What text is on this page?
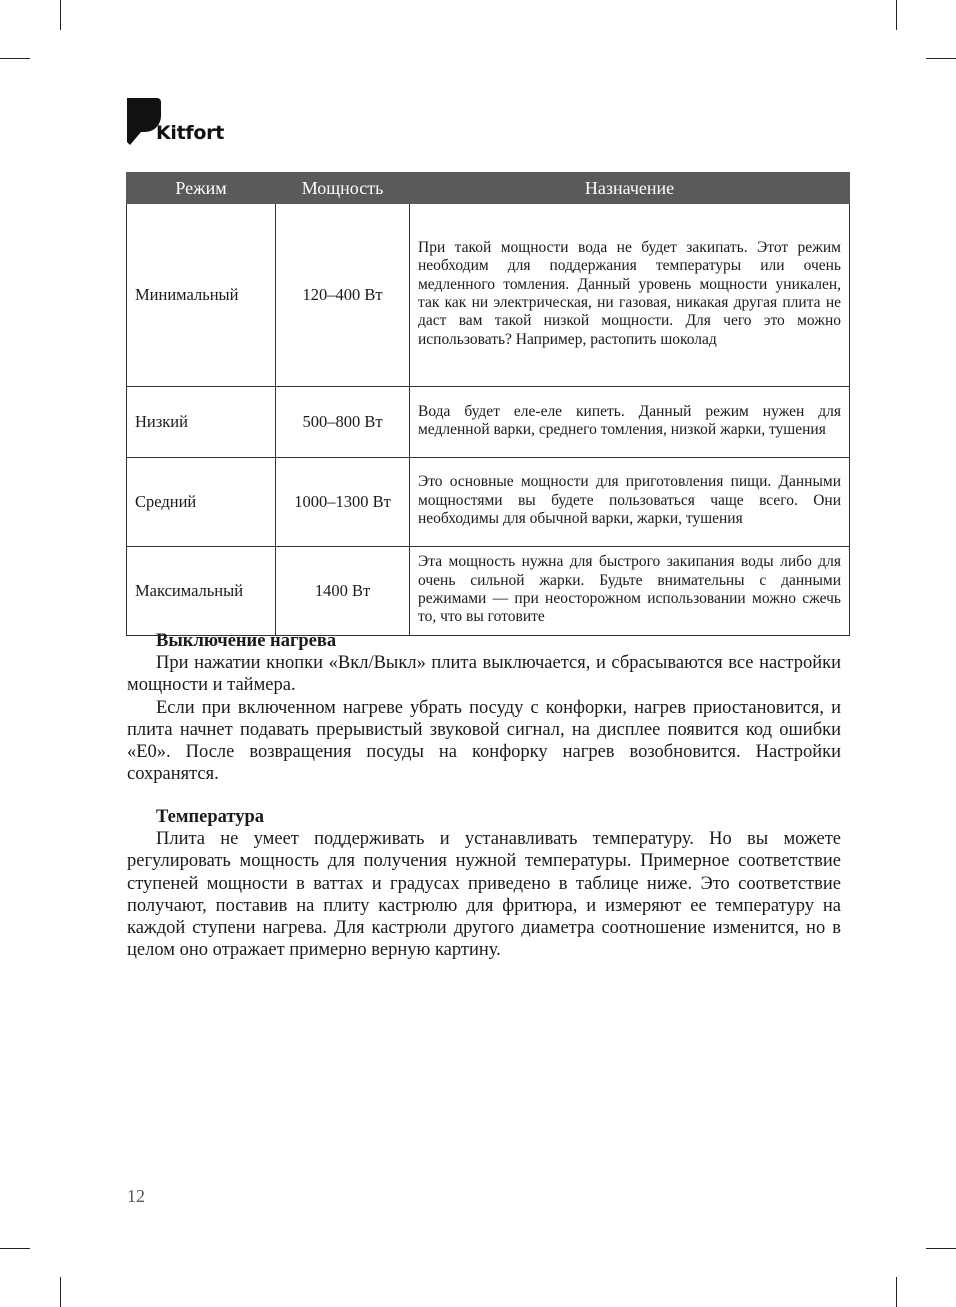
Kitfort
Режим	Мощность	Назначение
Минимальный	120–400 Вт	При такой мощности вода не будет закипать. Этот режим необходим для поддержания температуры или очень медленного томления. Данный уровень мощности уникален, так как ни электрическая, ни газовая, никакая другая плита не даст вам такой низкой мощности. Для чего это можно использовать? Например, растопить шоколад
Низкий	500–800 Вт	Вода будет еле-еле кипеть. Данный режим нужен для медленной варки, среднего томления, низкой жарки, тушения
Средний	1000–1300 Вт	Это основные мощности для приготовления пищи. Данными мощностями вы будете пользоваться чаще всего. Они необходимы для обычной варки, жарки, тушения
Максимальный	1400 Вт	Эта мощность нужна для быстрого закипания воды либо для очень сильной жарки. Будьте внимательны с данными режимами — при неосторожном использовании можно сжечь то, что вы готовите
Выключение нагрева

При нажатии кнопки «Вкл/Выкл» плита выключается, и сбрасываются все настройки мощности и таймера.

Если при включенном нагреве убрать посуду с конфорки, нагрев приостановится, и плита начнет подавать прерывистый звуковой сигнал, на дисплее появится код ошибки «E0». После возвращения посуды на конфорку нагрев возобновится. Настройки сохранятся.

Температура

Плита не умеет поддерживать и устанавливать температуру. Но вы можете регулировать мощность для получения нужной температуры. Примерное соответствие ступеней мощности в ваттах и градусах приведено в таблице ниже. Это соответствие получают, поставив на плиту кастрюлю для фритюра, и измеряют ее температуру на каждой ступени нагрева. Для кастрюли другого диаметра соотношение изменится, но в целом оно отражает примерно верную картину.

12
